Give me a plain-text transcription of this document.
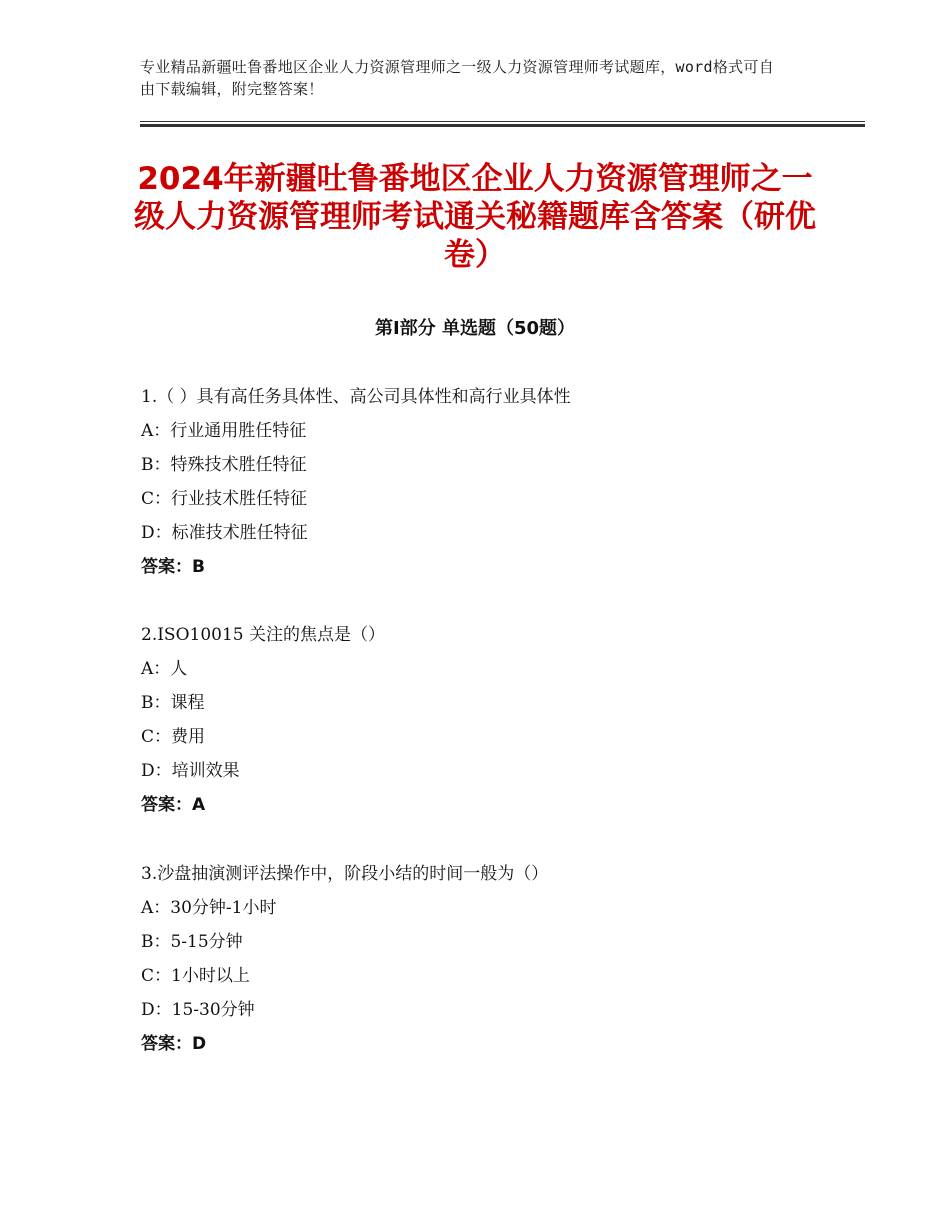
专业精品新疆吐鲁番地区企业人力资源管理师之一级人力资源管理师考试题库，word格式可自由下载编辑，附完整答案！
2024年新疆吐鲁番地区企业人力资源管理师之一级人力资源管理师考试通关秘籍题库含答案（研优卷）
第Ⅰ部分 单选题（50题）
1.（ ）具有高任务具体性、高公司具体性和高行业具体性
A：行业通用胜任特征
B：特殊技术胜任特征
C：行业技术胜任特征
D：标准技术胜任特征
答案：B
2.ISO10015 关注的焦点是（）
A：人
B：课程
C：费用
D：培训效果
答案：A
3.沙盘抽演测评法操作中，阶段小结的时间一般为（）
A：30分钟-1小时
B：5-15分钟
C：1小时以上
D：15-30分钟
答案：D
